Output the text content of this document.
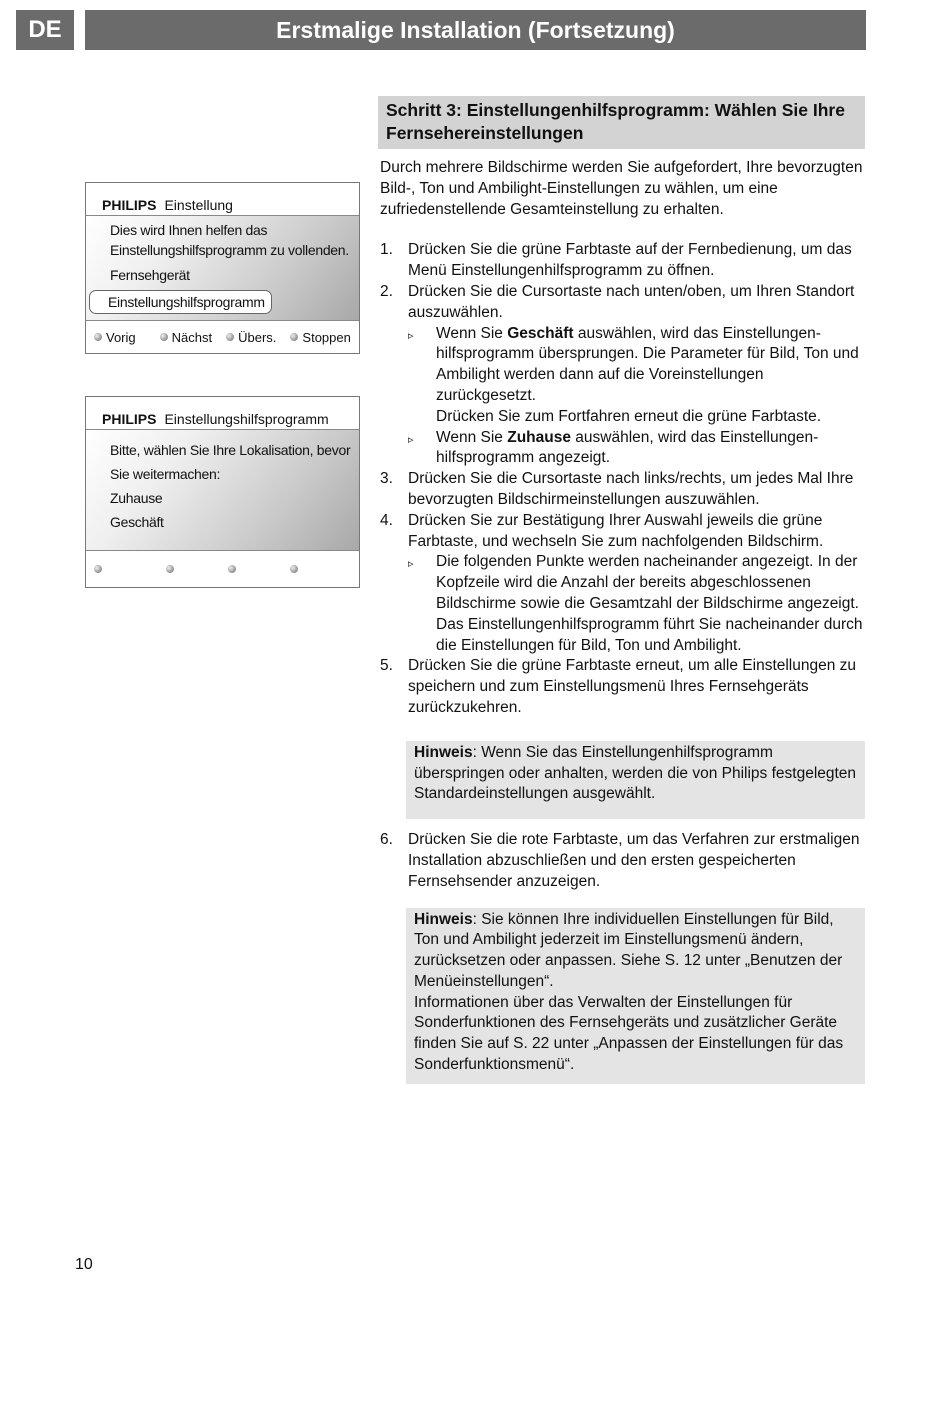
DE	Erstmalige Installation (Fortsetzung)
PHILIPS Einstellung
Dies wird Ihnen helfen das
Einstellungshilfsprogramm zu vollenden.
Fernsehgerät
Einstellungshilfsprogramm
Vorig	Nächst Übers. Stoppen
PHILIPS Einstellungshilfsprogramm
Bitte, wählen Sie Ihre Lokalisation, bevor
Sie weitermachen:
Zuhause
Geschäft
Schritt 3: Einstellungenhilfsprogramm: Wählen Sie Ihre Fernsehereinstellungen

Durch mehrere Bildschirme werden Sie aufgefordert, Ihre bevorzugten Bild-, Ton und Ambilight-Einstellungen zu wählen, um eine zufriedenstellende Gesamteinstellung zu erhalten.

1. Drücken Sie die grüne Farbtaste auf der Fernbedienung, um das Menü Einstellungenhilfsprogramm zu öffnen.
2. Drücken Sie die Cursortaste nach unten/oben, um Ihren Standort auszuwählen.
▹	Wenn Sie Geschäft auswählen, wird das Einstellungen-hilfsprogramm übersprungen. Die Parameter für Bild, Ton und Ambilight werden dann auf die Voreinstellungen zurückgesetzt.
Drücken Sie zum Fortfahren erneut die grüne Farbtaste.
▹	Wenn Sie Zuhause auswählen, wird das Einstellungen-hilfsprogramm angezeigt.
3. Drücken Sie die Cursortaste nach links/rechts, um jedes Mal Ihre bevorzugten Bildschirmeinstellungen auszuwählen.
4. Drücken Sie zur Bestätigung Ihrer Auswahl jeweils die grüne Farbtaste, und wechseln Sie zum nachfolgenden Bildschirm.
▹	Die folgenden Punkte werden nacheinander angezeigt. In der Kopfzeile wird die Anzahl der bereits abgeschlossenen Bildschirme sowie die Gesamtzahl der Bildschirme angezeigt. Das Einstellungenhilfsprogramm führt Sie nacheinander durch die Einstellungen für Bild, Ton und Ambilight.
5. Drücken Sie die grüne Farbtaste erneut, um alle Einstellungen zu speichern und zum Einstellungsmenü Ihres Fernsehgeräts zurückzukehren.
Hinweis: Wenn Sie das Einstellungenhilfsprogramm überspringen oder anhalten, werden die von Philips festgelegten Standardeinstellungen ausgewählt.
6. Drücken Sie die rote Farbtaste, um das Verfahren zur erstmaligen Installation abzuschließen und den ersten gespeicherten Fernsehsender anzuzeigen.
Hinweis: Sie können Ihre individuellen Einstellungen für Bild, Ton und Ambilight jederzeit im Einstellungsmenü ändern, zurücksetzen oder anpassen. Siehe S. 12 unter „Benutzen der Menüeinstellungen“.
Informationen über das Verwalten der Einstellungen für Sonderfunktionen des Fernsehgeräts und zusätzlicher Geräte finden Sie auf S. 22 unter „Anpassen der Einstellungen für das Sonderfunktionsmenü“.
10
